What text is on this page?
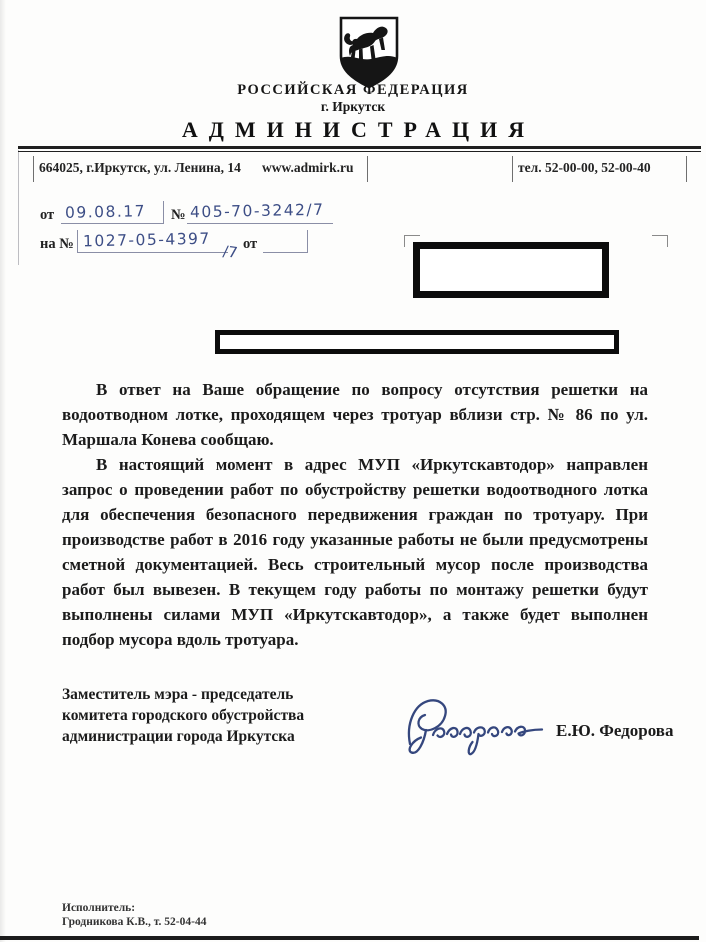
РОССИЙСКАЯ ФЕДЕРАЦИЯ
г. Иркутск
АДМИНИСТРАЦИЯ
664025, г.Иркутск, ул. Ленина, 14 www.admirk.ru	тел. 52-00-00, 52-00-40
от 09.08.17 № 405-70-3242/7
на № 1027-05-4397
/7 от

В ответ на Ваше обращение по вопросу отсутствия решетки на водоотводном лотке, проходящем через тротуар вблизи стр. № 86 по ул. Маршала Конева сообщаю.

В настоящий момент в адрес МУП «Иркутскавтодор» направлен запрос о проведении работ по обустройству решетки водоотводного лотка для обеспечения безопасного передвижения граждан по тротуару. При производстве работ в 2016 году указанные работы не были предусмотрены сметной документацией. Весь строительный мусор после производства работ был вывезен. В текущем году работы по монтажу решетки будут выполнены силами МУП «Иркутскавтодор», а также будет выполнен подбор мусора вдоль тротуара.

Заместитель мэра - председатель
комитета городского обустройства
администрации города Иркутска	Е.Ю. Федорова
Исполнитель:
Гродникова К.В., т. 52-04-44
